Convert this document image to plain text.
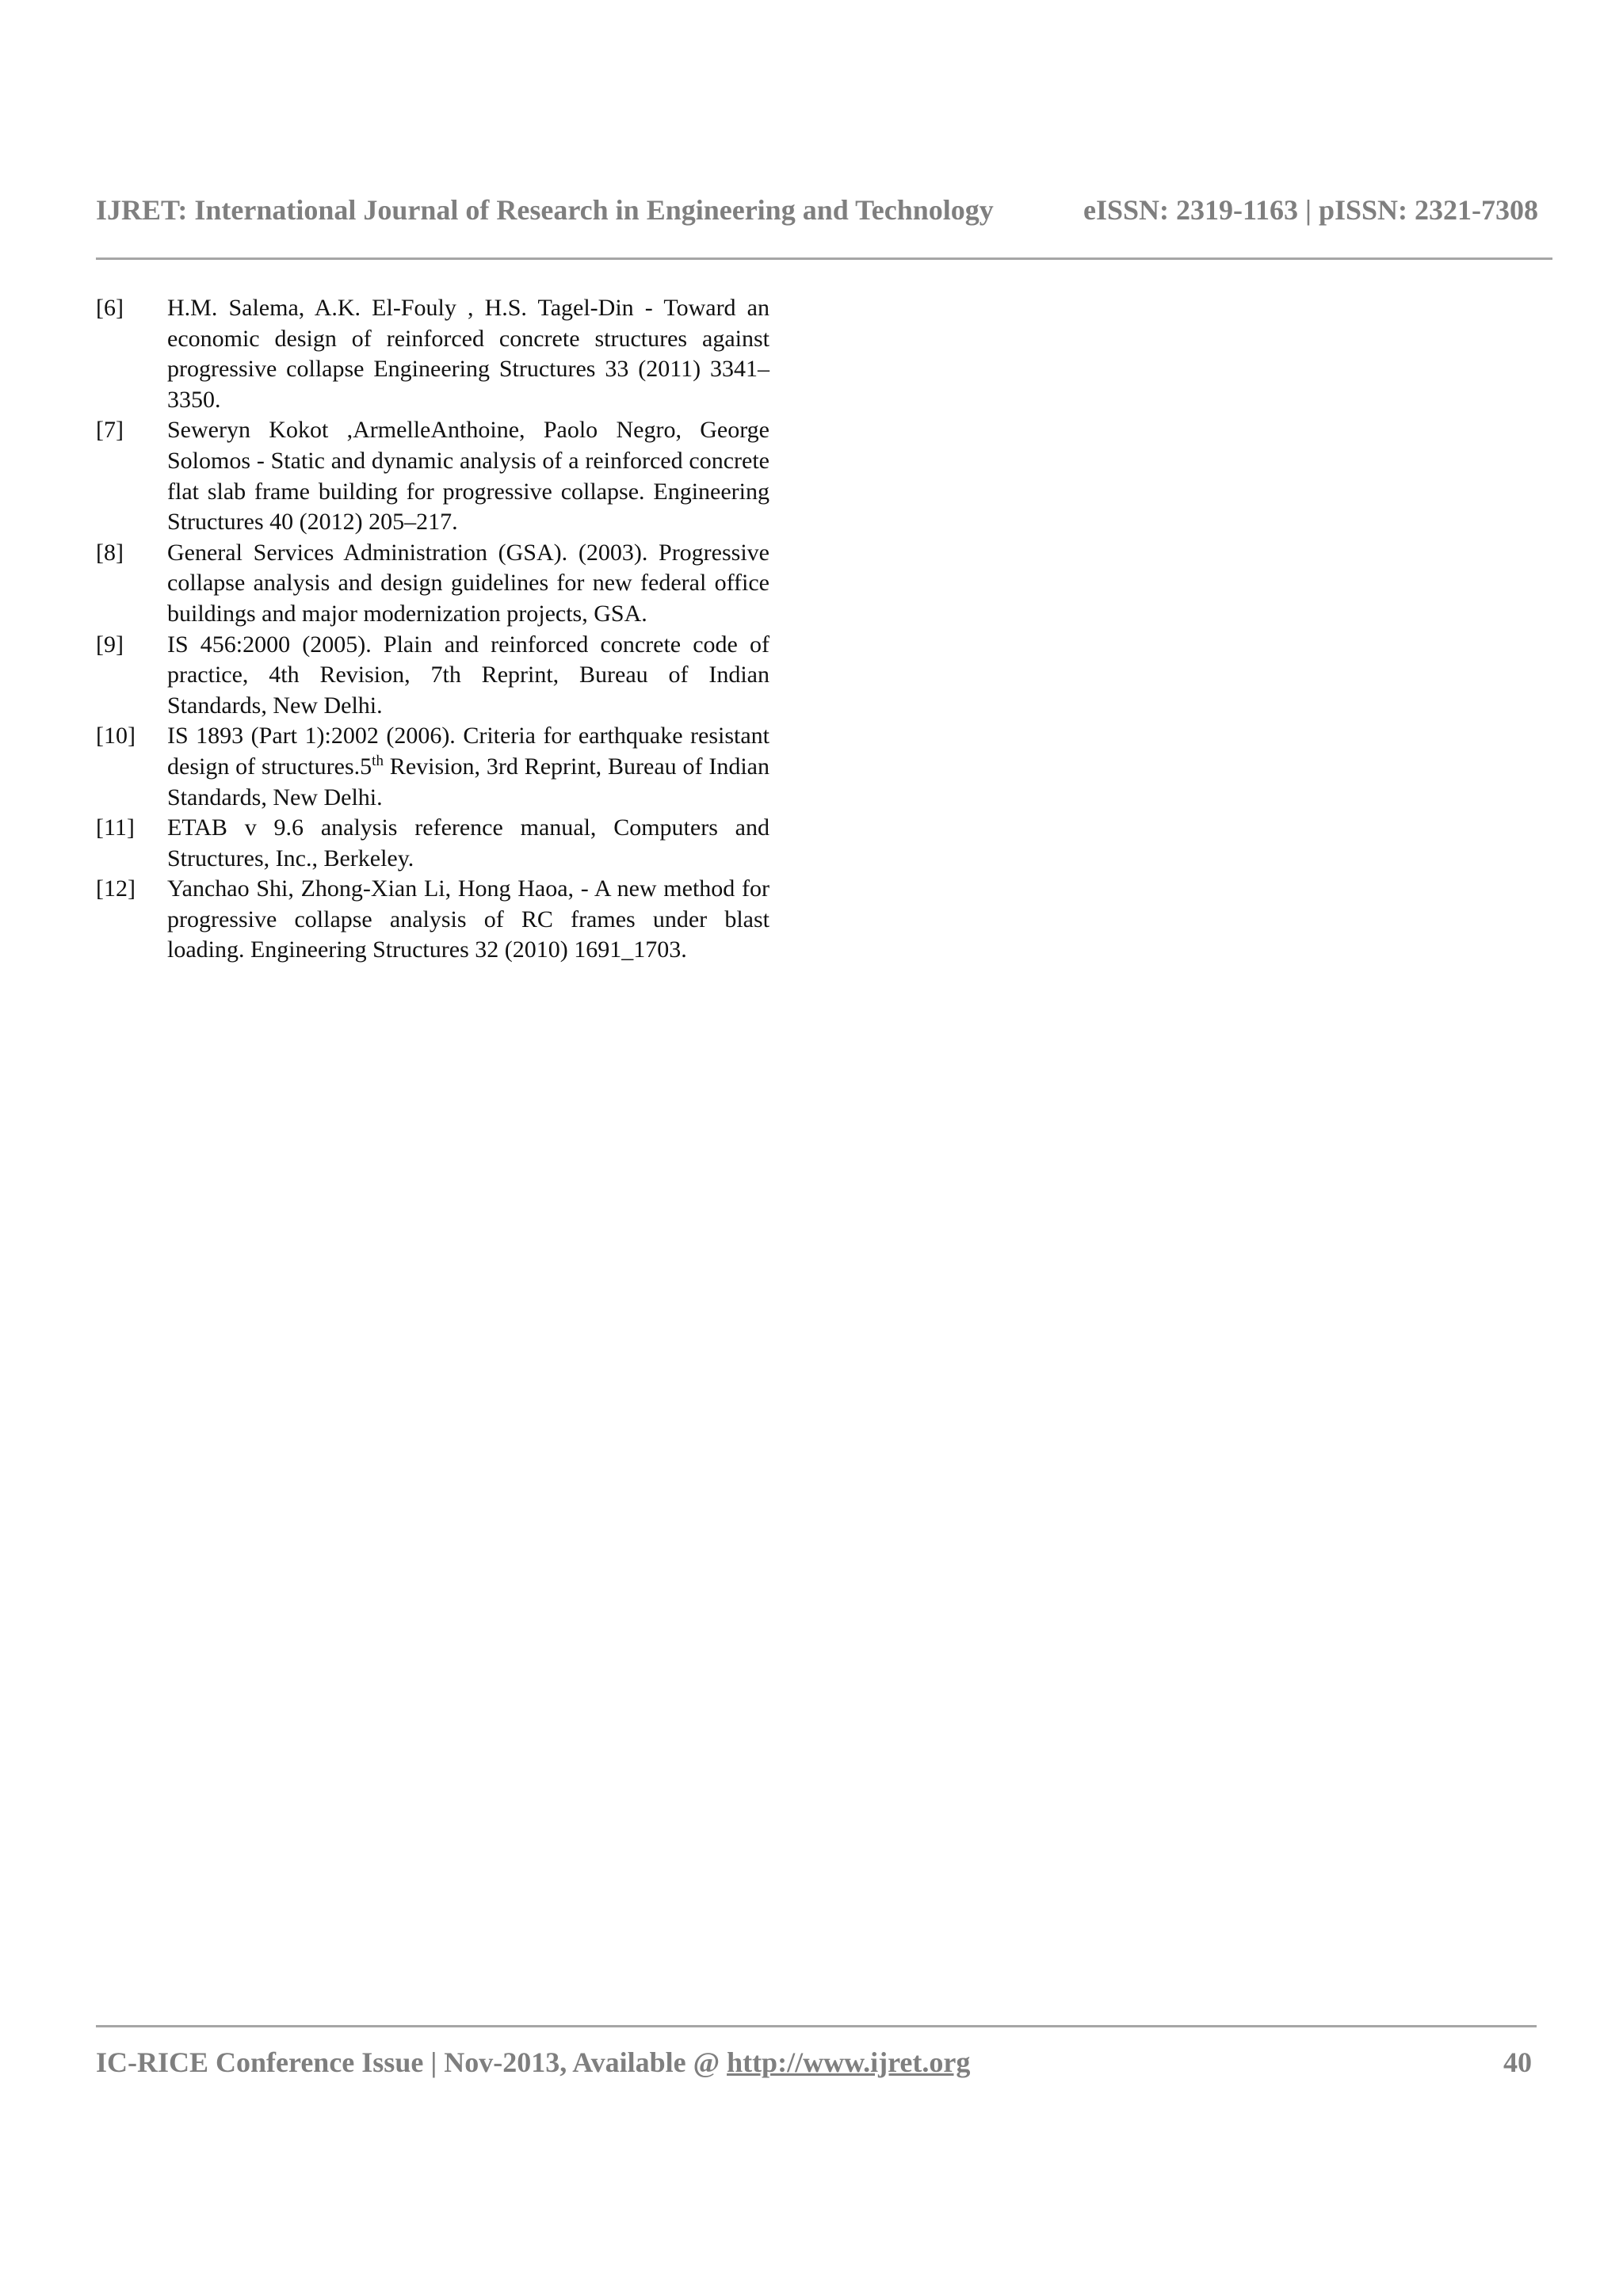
IJRET: International Journal of Research in Engineering and Technology	eISSN: 2319-1163 | pISSN: 2321-7308
[6]	H.M. Salema, A.K. El-Fouly , H.S. Tagel-Din - Toward an economic design of reinforced concrete structures against progressive collapse Engineering Structures 33 (2011) 3341–3350.
[7]	Seweryn Kokot ,ArmelleAnthoine, Paolo Negro, George Solomos - Static and dynamic analysis of a reinforced concrete flat slab frame building for progressive collapse. Engineering Structures 40 (2012) 205–217.
[8]	General Services Administration (GSA). (2003). Progressive collapse analysis and design guidelines for new federal office buildings and major modernization projects, GSA.
[9]	IS 456:2000 (2005). Plain and reinforced concrete code of practice, 4th Revision, 7th Reprint, Bureau of Indian Standards, New Delhi.
[10]	IS 1893 (Part 1):2002 (2006). Criteria for earthquake resistant design of structures.5th Revision, 3rd Reprint, Bureau of Indian Standards, New Delhi.
[11]	ETAB v 9.6 analysis reference manual, Computers and Structures, Inc., Berkeley.
[12]	Yanchao Shi, Zhong-Xian Li, Hong Haoa, - A new method for progressive collapse analysis of RC frames under blast loading. Engineering Structures 32 (2010) 1691_1703.
IC-RICE Conference Issue | Nov-2013, Available @ http://www.ijret.org	40
